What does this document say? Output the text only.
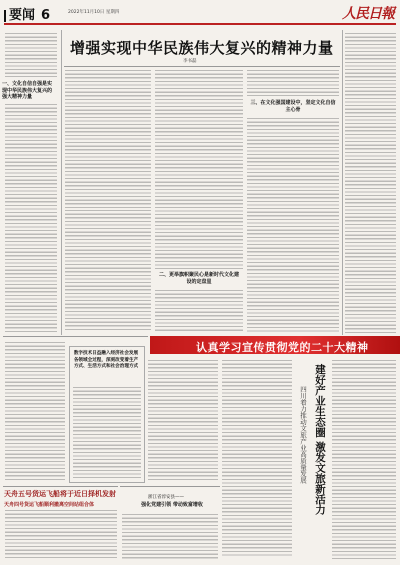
要闻 6	2022年11月10日 星期四	人民日報
一、文化自信自强是实现中华民族伟大复兴的强大精神力量
增强实现中华民族伟大复兴的精神力量
李书磊
三、在文化强国建设中，坚定文化自信主心骨
二、更举旗帜聚民心是新时代文化建设的定盘星
认真学习宣传贯彻党的二十大精神
数字技术日益融入经济社会发展各领域全过程，深刻改变着生产方式、生活方式和社会治理方式	建好产业生态圈 激发文旅新活力
四川着力推动文旅产业高质量发展
天舟五号货运飞船将于近日择机发射
天舟四号货运飞船顺利撤离空间站组合体
浙江省淳安县——
强化党建引领 带动致富增收
